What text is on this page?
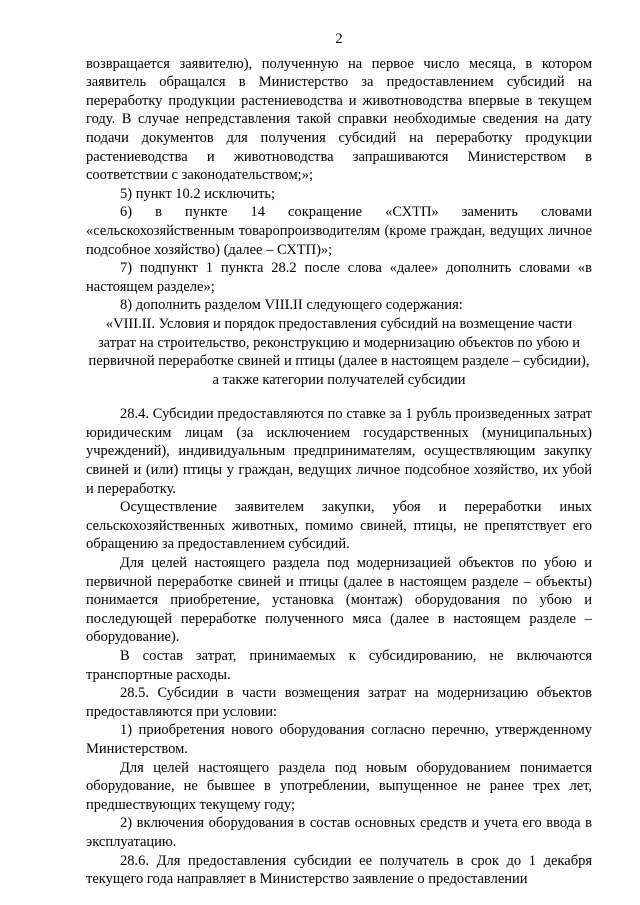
2

возвращается заявителю), полученную на первое число месяца, в котором заявитель обращался в Министерство за предоставлением субсидий на переработку продукции растениеводства и животноводства впервые в текущем году. В случае непредставления такой справки необходимые сведения на дату подачи документов для получения субсидий на переработку продукции растениеводства и животноводства запрашиваются Министерством в соответствии с законодательством;»;

5) пункт 10.2 исключить;

6) в пункте 14 сокращение «СХТП» заменить словами «сельскохозяйственным товаропроизводителям (кроме граждан, ведущих личное подсобное хозяйство) (далее – СХТП)»;

7) подпункт 1 пункта 28.2 после слова «далее» дополнить словами «в настоящем разделе»;

8) дополнить разделом VIII.II следующего содержания:

«VIII.II. Условия и порядок предоставления субсидий на возмещение части затрат на строительство, реконструкцию и модернизацию объектов по убою и первичной переработке свиней и птицы (далее в настоящем разделе – субсидии), а также категории получателей субсидии

28.4. Субсидии предоставляются по ставке за 1 рубль произведенных затрат юридическим лицам (за исключением государственных (муниципальных) учреждений), индивидуальным предпринимателям, осуществляющим закупку свиней и (или) птицы у граждан, ведущих личное подсобное хозяйство, их убой и переработку.

Осуществление заявителем закупки, убоя и переработки иных сельскохозяйственных животных, помимо свиней, птицы, не препятствует его обращению за предоставлением субсидий.

Для целей настоящего раздела под модернизацией объектов по убою и первичной переработке свиней и птицы (далее в настоящем разделе – объекты) понимается приобретение, установка (монтаж) оборудования по убою и последующей переработке полученного мяса (далее в настоящем разделе – оборудование).

В состав затрат, принимаемых к субсидированию, не включаются транспортные расходы.

28.5. Субсидии в части возмещения затрат на модернизацию объектов предоставляются при условии:

1) приобретения нового оборудования согласно перечню, утвержденному Министерством.

Для целей настоящего раздела под новым оборудованием понимается оборудование, не бывшее в употреблении, выпущенное не ранее трех лет, предшествующих текущему году;

2) включения оборудования в состав основных средств и учета его ввода в эксплуатацию.

28.6. Для предоставления субсидии ее получатель в срок до 1 декабря текущего года направляет в Министерство заявление о предоставлении
